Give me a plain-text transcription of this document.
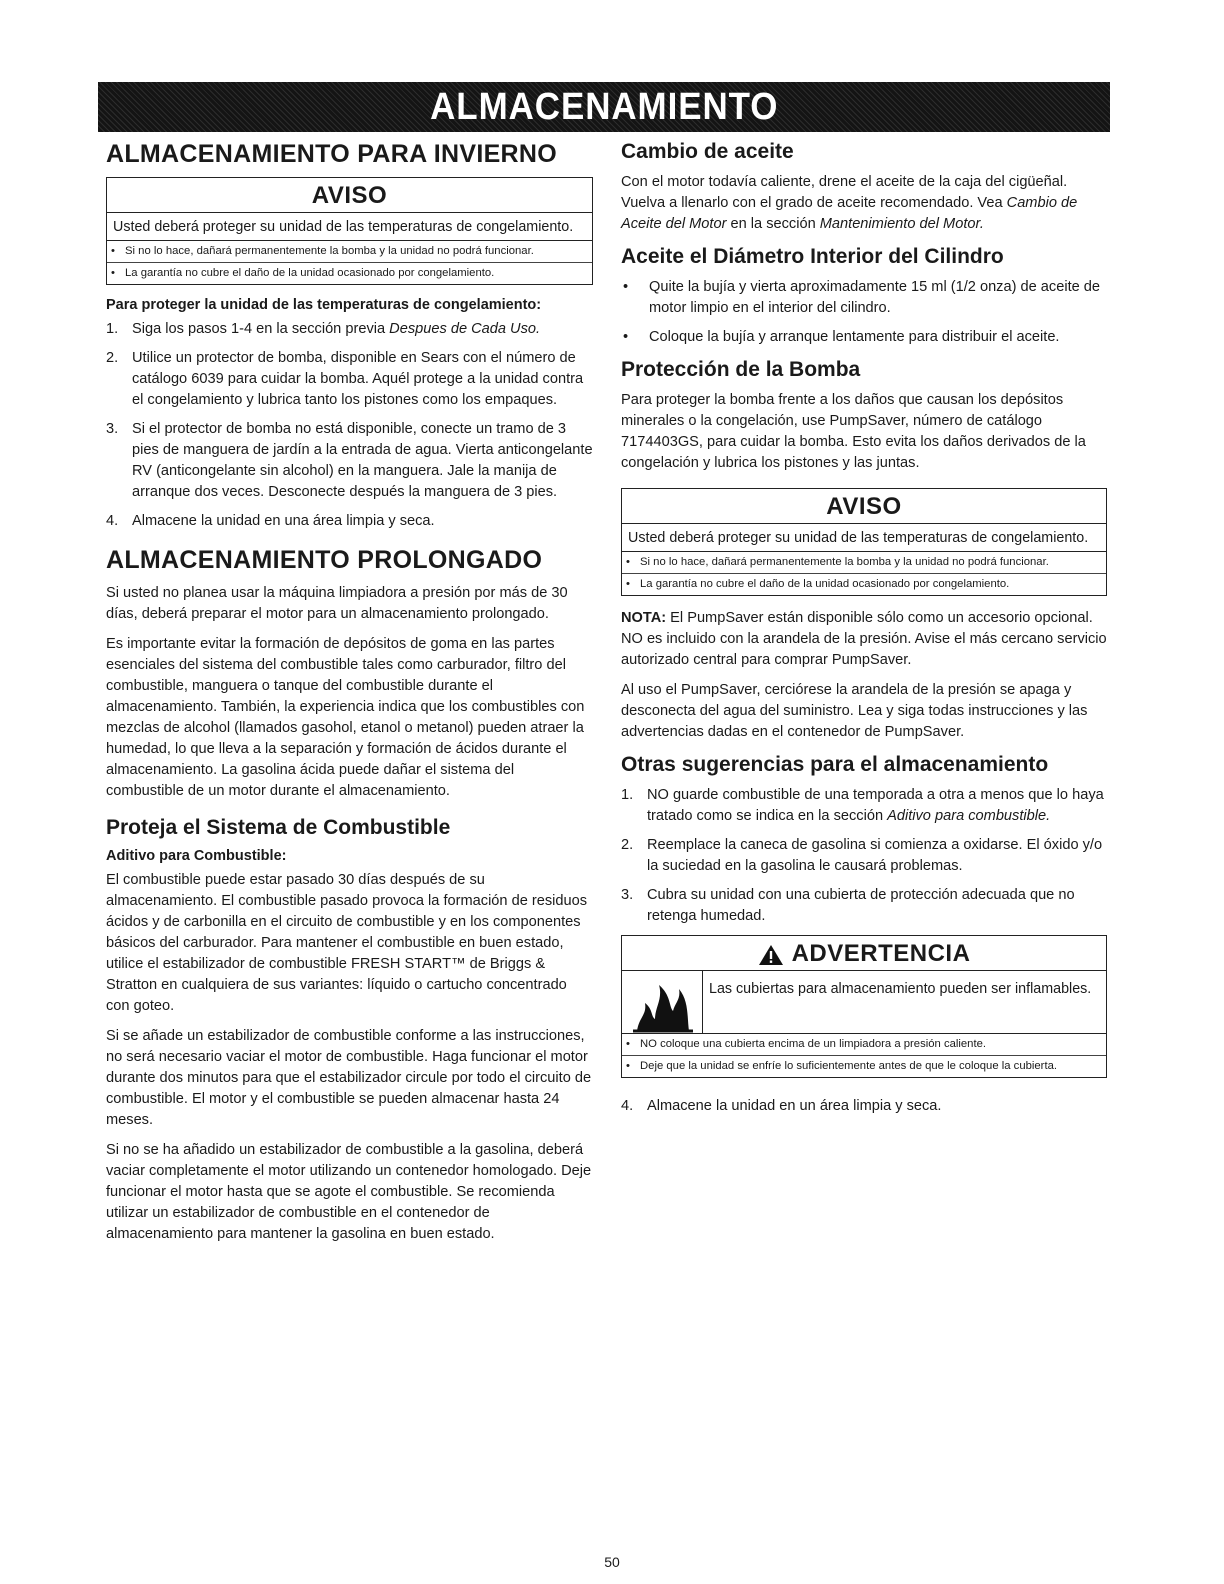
ALMACENAMIENTO
ALMACENAMIENTO PARA INVIERNO
AVISO
Usted deberá proteger su unidad de las temperaturas de congelamiento.
• Si no lo hace, dañará permanentemente la bomba y la unidad no podrá funcionar.
• La garantía no cubre el daño de la unidad ocasionado por congelamiento.
Para proteger la unidad de las temperaturas de congelamiento:
1. Siga los pasos 1-4 en la sección previa Despues de Cada Uso.
2. Utilice un protector de bomba, disponible en Sears con el número de catálogo 6039 para cuidar la bomba. Aquél protege a la unidad contra el congelamiento y lubrica tanto los pistones como los empaques.
3. Si el protector de bomba no está disponible, conecte un tramo de 3 pies de manguera de jardín a la entrada de agua. Vierta anticongelante RV (anticongelante sin alcohol) en la manguera. Jale la manija de arranque dos veces. Desconecte después la manguera de 3 pies.
4. Almacene la unidad en una área limpia y seca.
ALMACENAMIENTO PROLONGADO

Si usted no planea usar la máquina limpiadora a presión por más de 30 días, deberá preparar el motor para un almacenamiento prolongado.

Es importante evitar la formación de depósitos de goma en las partes esenciales del sistema del combustible tales como carburador, filtro del combustible, manguera o tanque del combustible durante el almacenamiento. También, la experiencia indica que los combustibles con mezclas de alcohol (llamados gasohol, etanol o metanol) pueden atraer la humedad, lo que lleva a la separación y formación de ácidos durante el almacenamiento. La gasolina ácida puede dañar el sistema del combustible de un motor durante el almacenamiento.

Proteja el Sistema de Combustible
Aditivo para Combustible:

El combustible puede estar pasado 30 días después de su almacenamiento. El combustible pasado provoca la formación de residuos ácidos y de carbonilla en el circuito de combustible y en los componentes básicos del carburador. Para mantener el combustible en buen estado, utilice el estabilizador de combustible FRESH START™ de Briggs & Stratton en cualquiera de sus variantes: líquido o cartucho concentrado con goteo.

Si se añade un estabilizador de combustible conforme a las instrucciones, no será necesario vaciar el motor de combustible. Haga funcionar el motor durante dos minutos para que el estabilizador circule por todo el circuito de combustible. El motor y el combustible se pueden almacenar hasta 24 meses.

Si no se ha añadido un estabilizador de combustible a la gasolina, deberá vaciar completamente el motor utilizando un contenedor homologado. Deje funcionar el motor hasta que se agote el combustible. Se recomienda utilizar un estabilizador de combustible en el contenedor de almacenamiento para mantener la gasolina en buen estado.

Cambio de aceite

Con el motor todavía caliente, drene el aceite de la caja del cigüeñal. Vuelva a llenarlo con el grado de aceite recomendado. Vea Cambio de Aceite del Motor en la sección Mantenimiento del Motor.

Aceite el Diámetro Interior del Cilindro
•	Quite la bujía y vierta aproximadamente 15 ml (1/2 onza) de aceite de motor limpio en el interior del cilindro.
•	Coloque la bujía y arranque lentamente para distribuir el aceite.
Protección de la Bomba

Para proteger la bomba frente a los daños que causan los depósitos minerales o la congelación, use PumpSaver, número de catálogo 7174403GS, para cuidar la bomba. Esto evita los daños derivados de la congelación y lubrica los pistones y las juntas.

AVISO
Usted deberá proteger su unidad de las temperaturas de congelamiento.
• Si no lo hace, dañará permanentemente la bomba y la unidad no podrá funcionar.
• La garantía no cubre el daño de la unidad ocasionado por congelamiento.

NOTA: El PumpSaver están disponible sólo como un accesorio opcional. NO es incluido con la arandela de la presión. Avise el más cercano servicio autorizado central para comprar PumpSaver.

Al uso el PumpSaver, cerciórese la arandela de la presión se apaga y desconecta del agua del suministro. Lea y siga todas instrucciones y las advertencias dadas en el contenedor de PumpSaver.

Otras sugerencias para el almacenamiento
1. NO guarde combustible de una temporada a otra a menos que lo haya tratado como se indica en la sección Aditivo para combustible.
2. Reemplace la caneca de gasolina si comienza a oxidarse. El óxido y/o la suciedad en la gasolina le causará problemas.
3. Cubra su unidad con una cubierta de protección adecuada que no retenga humedad.
ADVERTENCIA
Las cubiertas para almacenamiento pueden ser inflamables.
• NO coloque una cubierta encima de un limpiadora a presión caliente.
• Deje que la unidad se enfríe lo suficientemente antes de que le coloque la cubierta.
4. Almacene la unidad en un área limpia y seca.
50
